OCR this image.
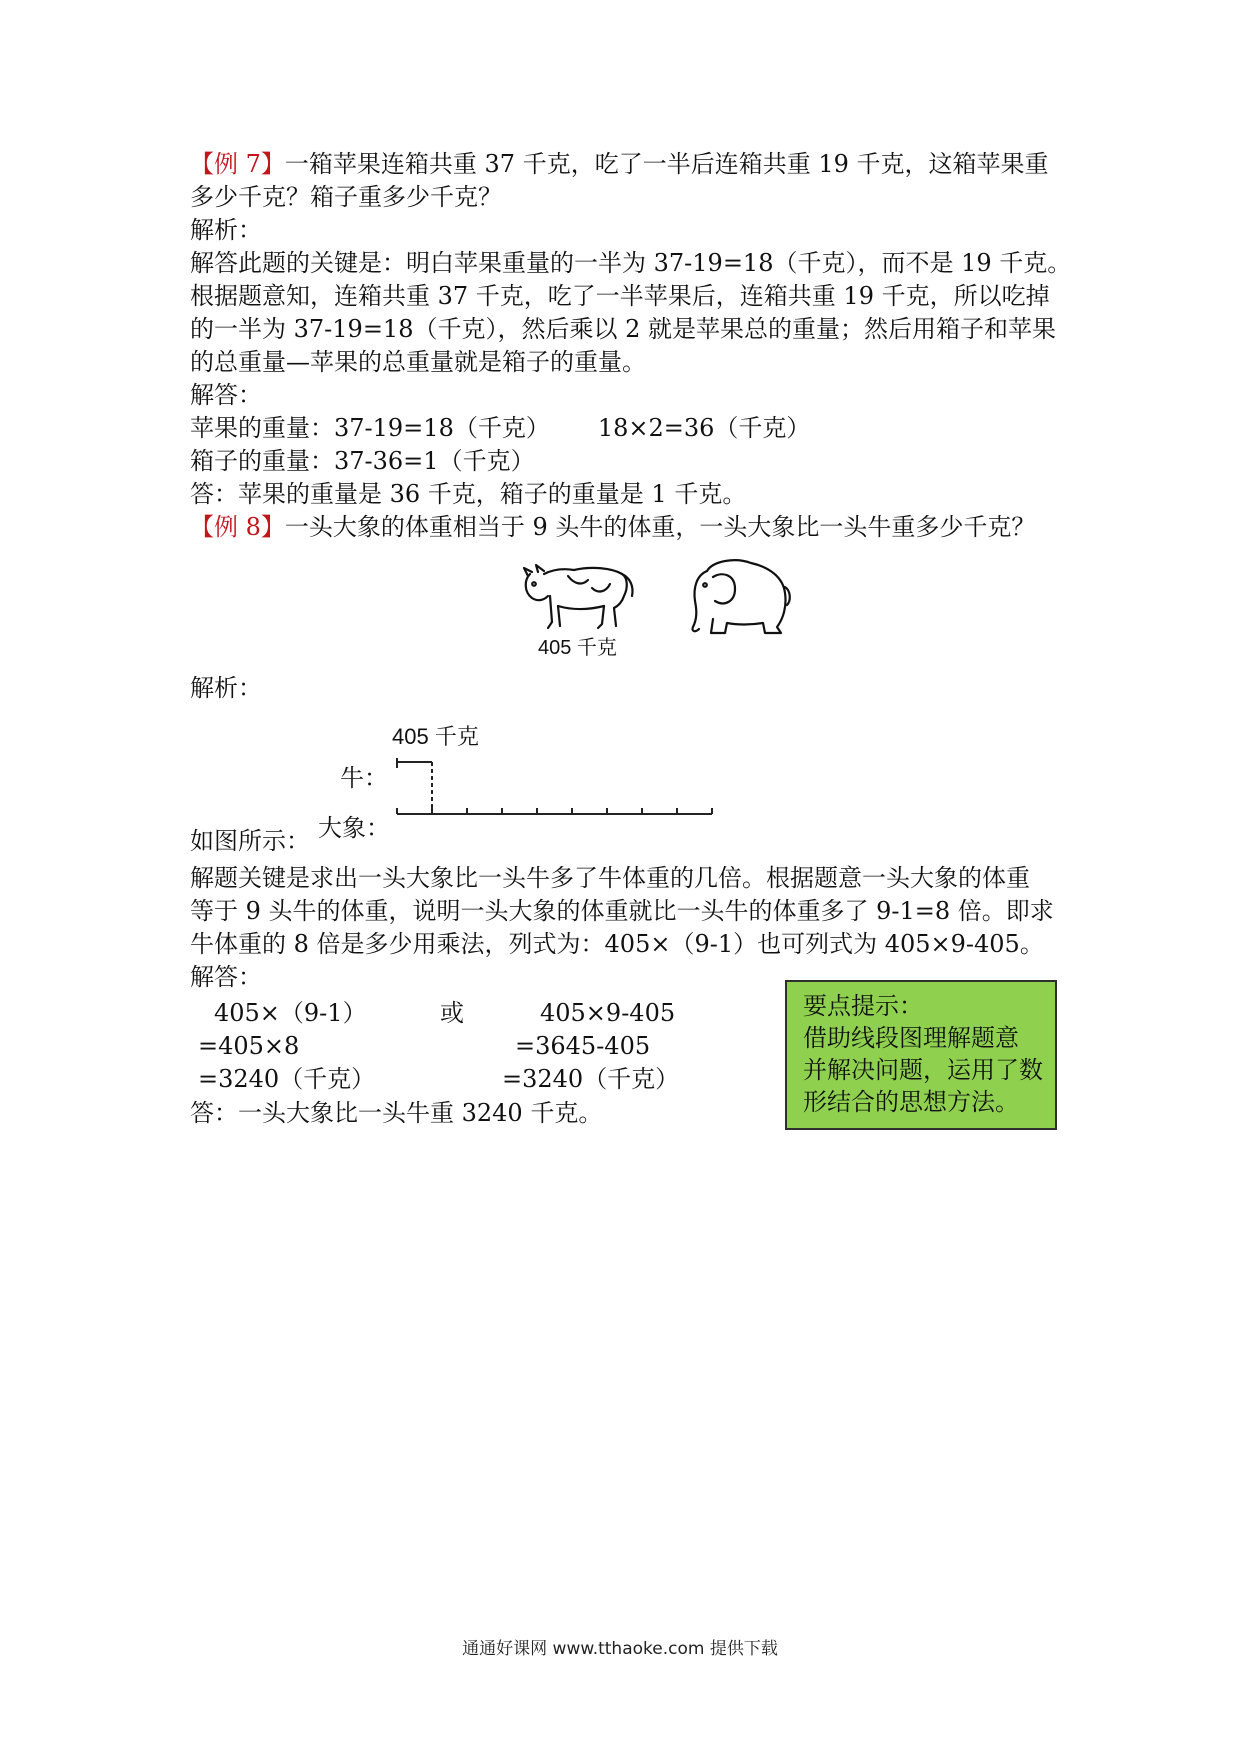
【例 7】一箱苹果连箱共重 37 千克，吃了一半后连箱共重 19 千克，这箱苹果重
多少千克？箱子重多少千克？
解析：
解答此题的关键是：明白苹果重量的一半为 37-19=18（千克），而不是 19 千克。
根据题意知，连箱共重 37 千克，吃了一半苹果后，连箱共重 19 千克，所以吃掉
的一半为 37-19=18（千克），然后乘以 2 就是苹果总的重量；然后用箱子和苹果
的总重量—苹果的总重量就是箱子的重量。
解答：
苹果的重量：37-19=18（千克） 18×2=36（千克）
箱子的重量：37-36=1（千克）
答：苹果的重量是 36 千克，箱子的重量是 1 千克。
【例 8】一头大象的体重相当于 9 头牛的体重，一头大象比一头牛重多少千克？
405 千克
解析：
405 千克
牛：
大象：
如图所示：
解题关键是求出一头大象比一头牛多了牛体重的几倍。根据题意一头大象的体重
等于 9 头牛的体重，说明一头大象的体重就比一头牛的体重多了 9-1=8 倍。即求
牛体重的 8 倍是多少用乘法，列式为：405×（9-1）也可列式为 405×9-405。
解答：
405×（9-1）
=405×8
=3240（千克）
或	405×9-405
=3645-405
=3240（千克）
答：一头大象比一头牛重 3240 千克。
要点提示：
借助线段图理解题意
并解决问题，运用了数
形结合的思想方法。
通通好课网 www.tthaoke.com 提供下载
